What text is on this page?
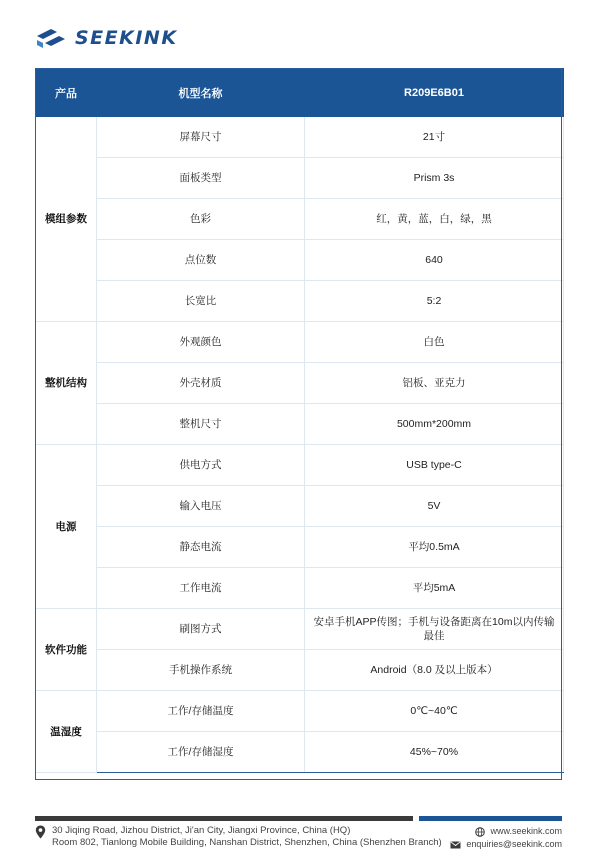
SEEKINK
产品	机型名称	R209E6B01
模组参数	屏幕尺寸	21寸
	面板类型	Prism 3s
	色彩	红，黄，蓝，白，绿，黑
	点位数	640
	长宽比	5:2
整机结构	外观颜色	白色
	外壳材质	铝板、亚克力
	整机尺寸	500mm*200mm
电源	供电方式	USB type-C
	输入电压	5V
	静态电流	平均0.5mA
	工作电流	平均5mA
软件功能	刷图方式	安卓手机APP传图；手机与设备距离在10m以内传输最佳
	手机操作系统	Android（8.0 及以上版本）
温湿度	工作/存储温度	0℃~40℃
	工作/存储湿度	45%~70%
30 Jiqing Road, Jizhou District, Ji'an City, Jiangxi Province, China (HQ)
Room 802, Tianlong Mobile Building, Nanshan District, Shenzhen, China (Shenzhen Branch)
www.seekink.com
enquiries@seekink.com
